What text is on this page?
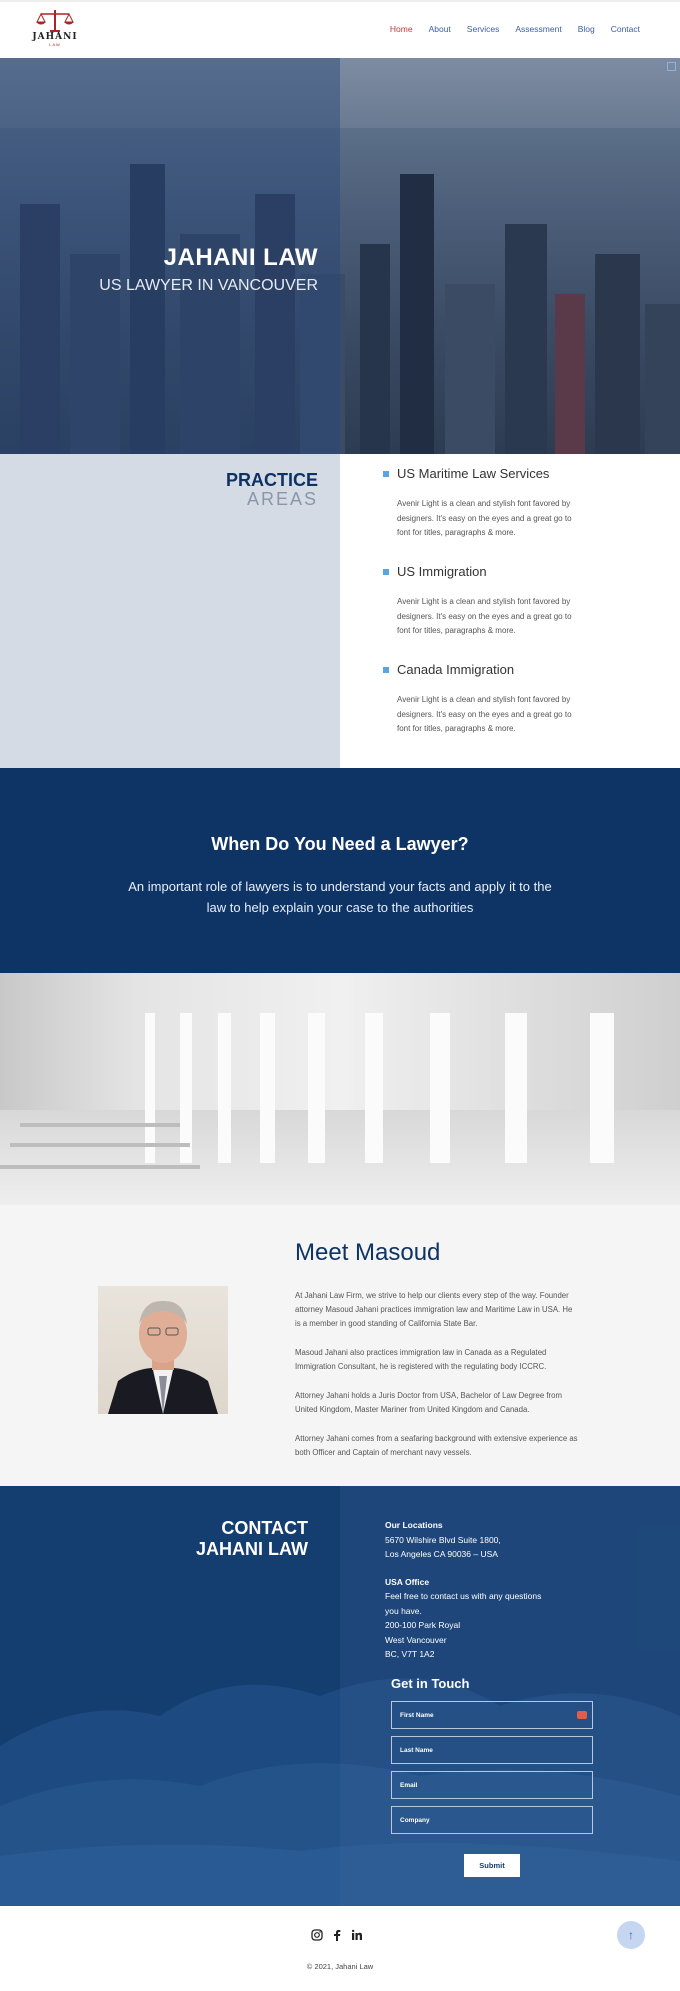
JAHANI
LAW
Home About Services Assessment Blog Contact
JAHANI LAW
US LAWYER IN VANCOUVER
PRACTICE
AREAS
US Maritime Law Services
Avenir Light is a clean and stylish font favored by designers. It's easy on the eyes and a great go to font for titles, paragraphs & more.
US Immigration
Avenir Light is a clean and stylish font favored by designers. It's easy on the eyes and a great go to font for titles, paragraphs & more.
Canada Immigration
Avenir Light is a clean and stylish font favored by designers. It's easy on the eyes and a great go to font for titles, paragraphs & more.
When Do You Need a Lawyer?
An important role of lawyers is to understand your facts and apply it to the law to help explain your case to the authorities
Meet Masoud
At Jahani Law Firm, we strive to help our clients every step of the way. Founder attorney Masoud Jahani practices immigration law and Maritime Law in USA. He is a member in good standing of California State Bar.
Masoud Jahani also practices immigration law in Canada as a Regulated Immigration Consultant, he is registered with the regulating body ICCRC.
Attorney Jahani holds a Juris Doctor from USA, Bachelor of Law Degree from United Kingdom, Master Mariner from United Kingdom and Canada.
Attorney Jahani comes from a seafaring background with extensive experience as both Officer and Captain of merchant navy vessels.
CONTACT
JAHANI LAW
Our Locations
5670 Wilshire Blvd Suite 1800,
Los Angeles CA 90036 – USA
USA Office
Feel free to contact us with any questions
you have.
200-100 Park Royal
West Vancouver
BC, V7T 1A2
Get in Touch
First Name
Last Name
Email
Company
Submit
© 2021, Jahani Law
↑
